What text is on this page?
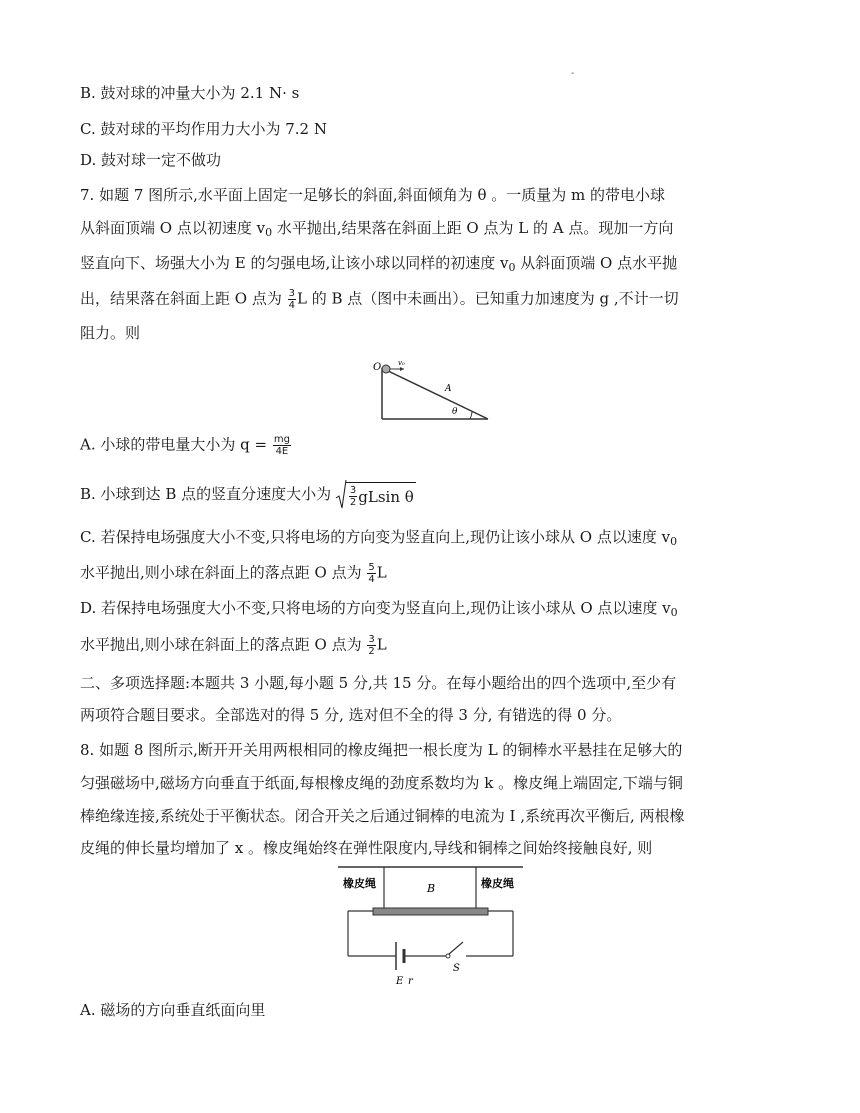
-
B. 鼓对球的冲量大小为 2.1 N· s
C. 鼓对球的平均作用力大小为 7.2 N
D. 鼓对球一定不做功
7. 如题 7 图所示,水平面上固定一足够长的斜面,斜面倾角为 θ 。一质量为 m 的带电小球
从斜面顶端 O 点以初速度 $v_0$ 水平抛出,结果落在斜面上距 O 点为 L 的 A 点。现加一方向
竖直向下、场强大小为 E 的匀强电场,让该小球以同样的初速度 $v_0$ 从斜面顶端 O 点水平抛
出，结果落在斜面上距 O 点为 $\frac{3}{4}$ L 的 B 点（图中未画出）。已知重力加速度为 g ,不计一切
阻力。则
O v₀
A
θ
A. 小球的带电量大小为 $q = \frac{mg}{4E}$
B. 小球到达 B 点的竖直分速度大小为 $\frac{3}{2}$ gLsin θ
C. 若保持电场强度大小不变,只将电场的方向变为竖直向上,现仍让该小球从 O 点以速度 $v_0$
水平抛出,则小球在斜面上的落点距 O 点为 $\frac{5}{4}$ L
D. 若保持电场强度大小不变,只将电场的方向变为竖直向上,现仍让该小球从 O 点以速度 $v_0$
水平抛出,则小球在斜面上的落点距 O 点为 $\frac{3}{2}$ L
二、多项选择题:本题共 3 小题,每小题 5 分,共 15 分。在每小题给出的四个选项中,至少有
两项符合题目要求。全部选对的得 5 分, 选对但不全的得 3 分, 有错选的得 0 分。
8. 如题 8 图所示,断开开关用两根相同的橡皮绳把一根长度为 L 的铜棒水平悬挂在足够大的
匀强磁场中,磁场方向垂直于纸面,每根橡皮绳的劲度系数均为 k 。橡皮绳上端固定,下端与铜
棒绝缘连接,系统处于平衡状态。闭合开关之后通过铜棒的电流为 I ,系统再次平衡后, 两根橡
皮绳的伸长量均增加了 x 。橡皮绳始终在弹性限度内,导线和铜棒之间始终接触良好, 则
橡皮绳	橡皮绳
B
E r
S
A. 磁场的方向垂直纸面向里
